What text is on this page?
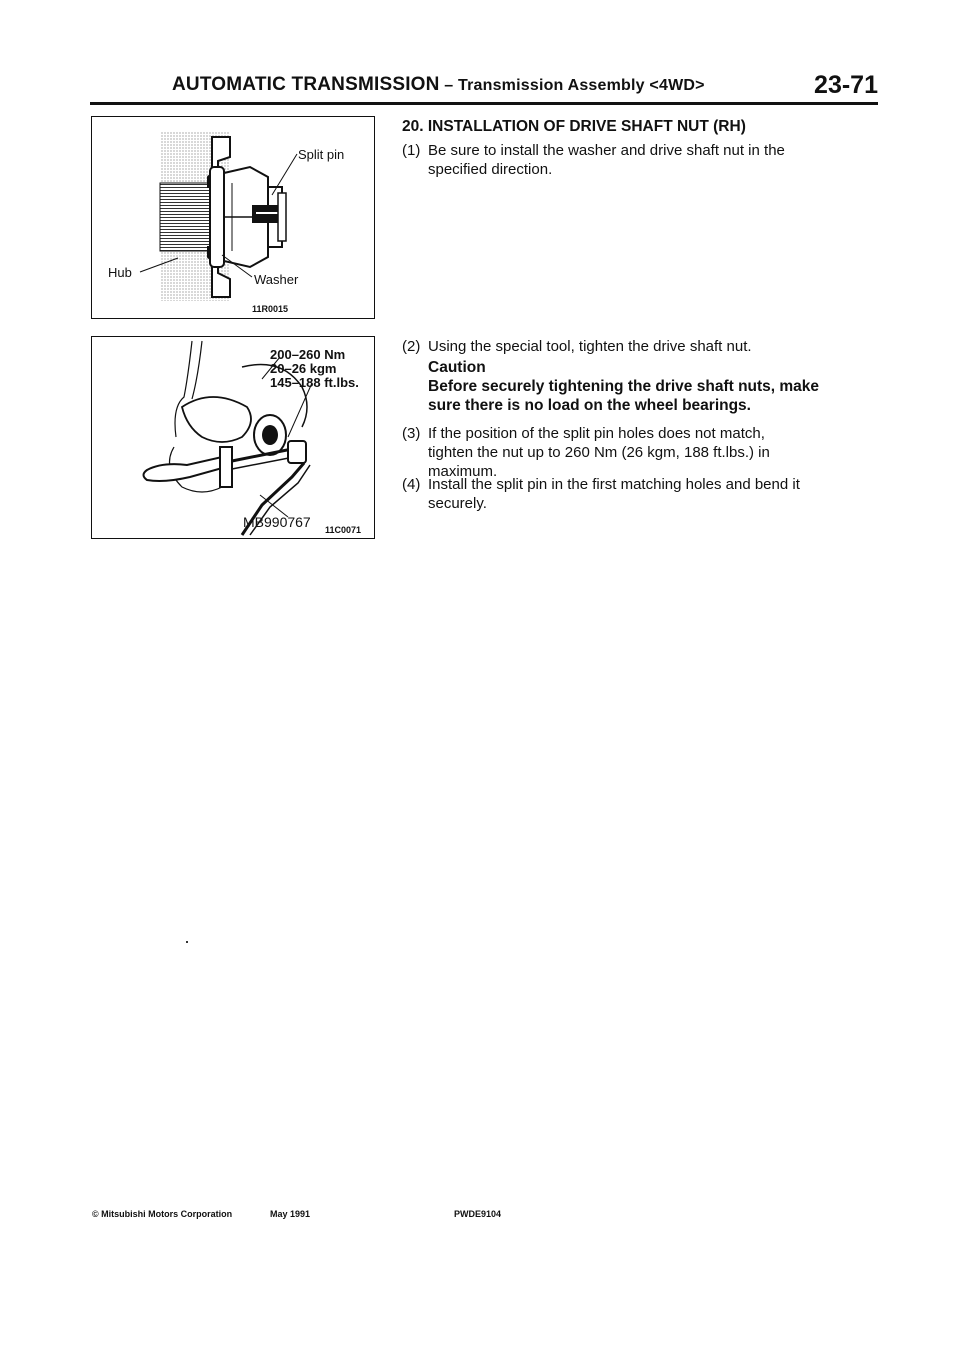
AUTOMATIC TRANSMISSION – Transmission Assembly <4WD>	23-71
Split pin
Hub	Washer
11R0015
200–260 Nm
20–26 kgm
145–188 ft.lbs.
MB990767 11C0071
20. INSTALLATION OF DRIVE SHAFT NUT (RH)
(1) Be sure to install the washer and drive shaft nut in the
specified direction.
(2) Using the special tool, tighten the drive shaft nut.
Caution
Before securely tightening the drive shaft nuts, make
sure there is no load on the wheel bearings.
(3) If the position of the split pin holes does not match,
tighten the nut up to 260 Nm (26 kgm, 188 ft.lbs.) in
maximum.
(4) Install the split pin in the first matching holes and bend it
securely.
© Mitsubishi Motors Corporation	May 1991	PWDE9104
